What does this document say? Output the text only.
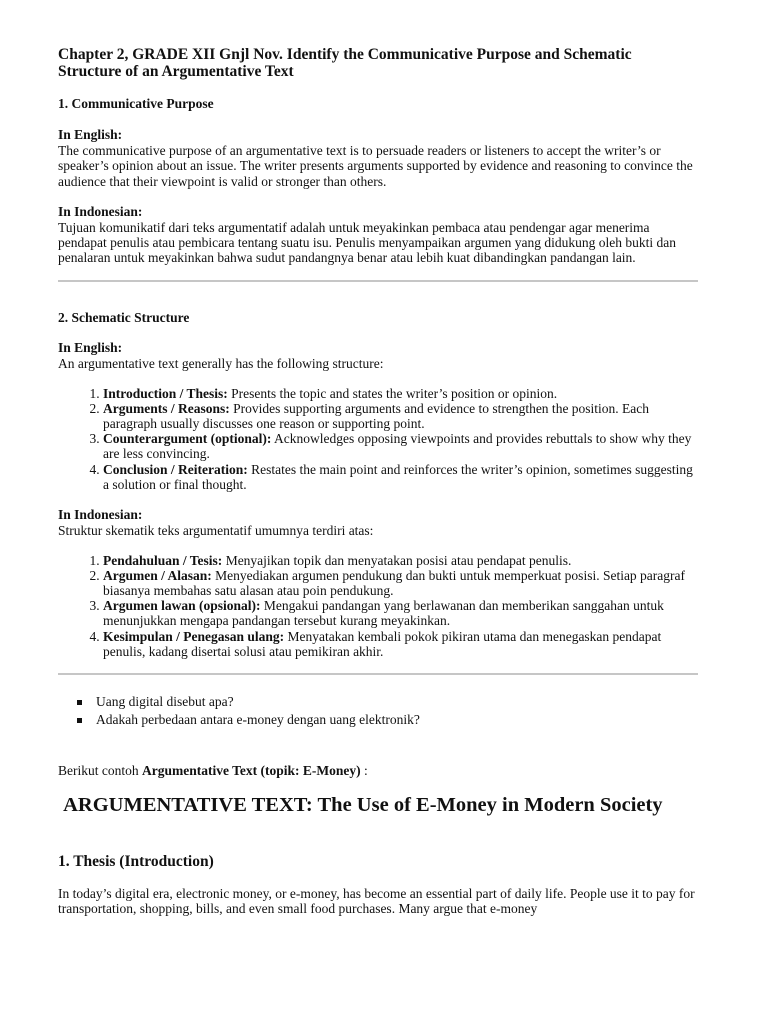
Chapter 2, GRADE XII Gnjl Nov. Identify the Communicative Purpose and Schematic Structure of an Argumentative Text
1. Communicative Purpose
In English:

The communicative purpose of an argumentative text is to persuade readers or listeners to accept the writer’s or speaker’s opinion about an issue. The writer presents arguments supported by evidence and reasoning to convince the audience that their viewpoint is valid or stronger than others.

In Indonesian:

Tujuan komunikatif dari teks argumentatif adalah untuk meyakinkan pembaca atau pendengar agar menerima pendapat penulis atau pembicara tentang suatu isu. Penulis menyampaikan argumen yang didukung oleh bukti dan penalaran untuk meyakinkan bahwa sudut pandangnya benar atau lebih kuat dibandingkan pandangan lain.

2. Schematic Structure
In English:

An argumentative text generally has the following structure:

1. Introduction / Thesis: Presents the topic and states the writer’s position or opinion.
2. Arguments / Reasons: Provides supporting arguments and evidence to strengthen the position. Each paragraph usually discusses one reason or supporting point.
3. Counterargument (optional): Acknowledges opposing viewpoints and provides rebuttals to show why they are less convincing.
4. Conclusion / Reiteration: Restates the main point and reinforces the writer’s opinion, sometimes suggesting a solution or final thought.
In Indonesian:

Struktur skematik teks argumentatif umumnya terdiri atas:

1. Pendahuluan / Tesis: Menyajikan topik dan menyatakan posisi atau pendapat penulis.
2. Argumen / Alasan: Menyediakan argumen pendukung dan bukti untuk memperkuat posisi. Setiap paragraf biasanya membahas satu alasan atau poin pendukung.
3. Argumen lawan (opsional): Mengakui pandangan yang berlawanan dan memberikan sanggahan untuk menunjukkan mengapa pandangan tersebut kurang meyakinkan.
4. Kesimpulan / Penegasan ulang: Menyatakan kembali pokok pikiran utama dan menegaskan pendapat penulis, kadang disertai solusi atau pemikiran akhir.
Uang digital disebut apa?
Adakah perbedaan antara e-money dengan uang elektronik?

Berikut contoh Argumentative Text (topik: E-Money) :

ARGUMENTATIVE TEXT: The Use of E-Money in Modern Society
1. Thesis (Introduction)

In today’s digital era, electronic money, or e-money, has become an essential part of daily life. People use it to pay for transportation, shopping, bills, and even small food purchases. Many argue that e-money
